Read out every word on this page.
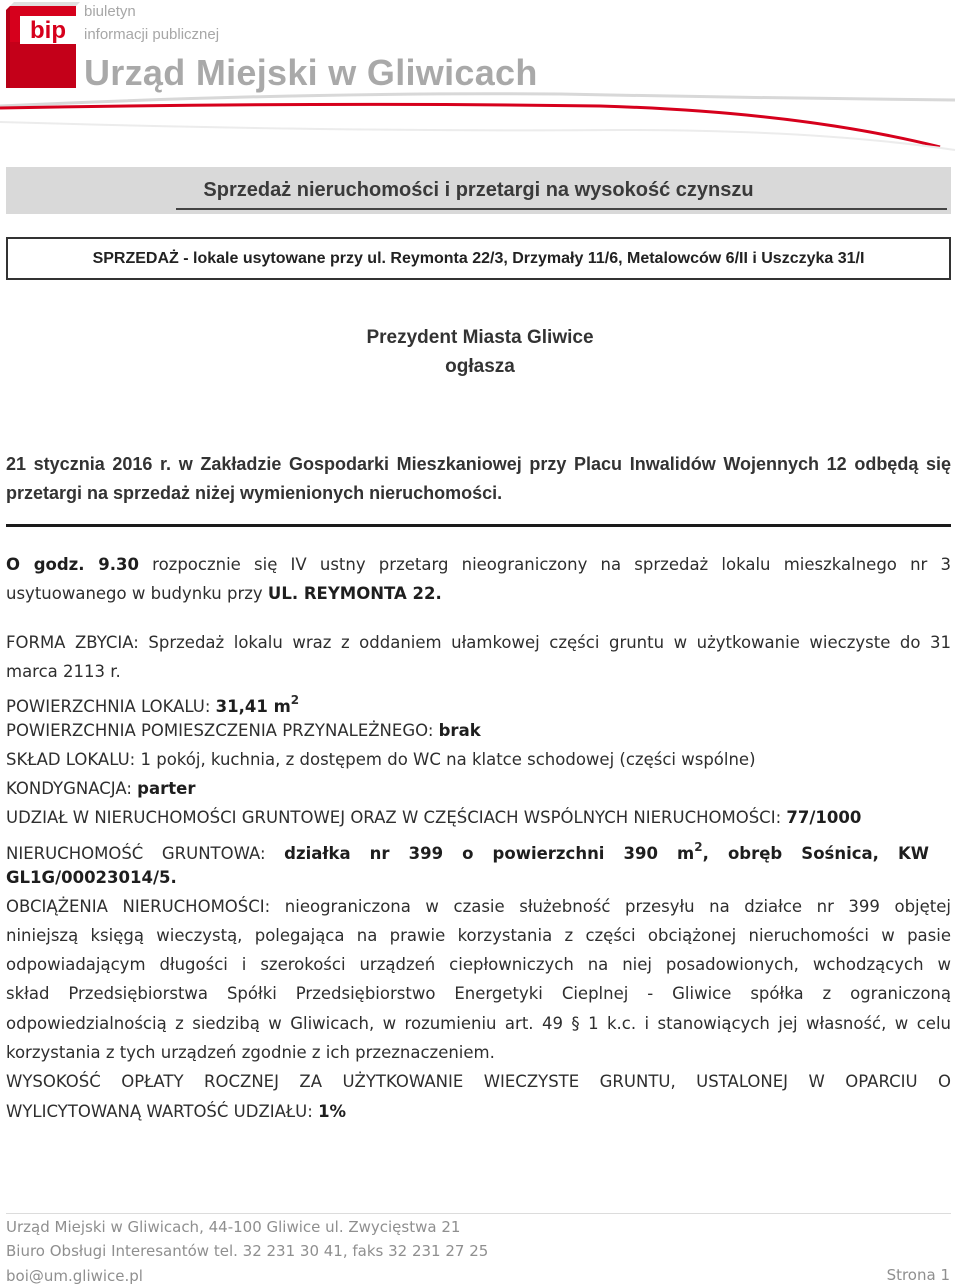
bip
biuletyn
informacji publicznej
Urząd Miejski w Gliwicach
Sprzedaż nieruchomości i przetargi na wysokość czynszu
SPRZEDAŻ - lokale usytowane przy ul. Reymonta 22/3, Drzymały 11/6, Metalowców 6/II i Uszczyka 31/I
Prezydent Miasta Gliwice
ogłasza
21 stycznia 2016 r. w Zakładzie Gospodarki Mieszkaniowej przy Placu Inwalidów Wojennych 12 odbędą się przetargi na sprzedaż niżej wymienionych nieruchomości.
O godz. 9.30 rozpocznie się IV ustny przetarg nieograniczony na sprzedaż lokalu mieszkalnego nr 3
usytuowanego w budynku przy UL. REYMONTA 22.
FORMA ZBYCIA: Sprzedaż lokalu wraz z oddaniem ułamkowej części gruntu w użytkowanie wieczyste do 31
marca 2113 r.
POWIERZCHNIA LOKALU: 31,41 $m^2$
POWIERZCHNIA POMIESZCZENIA PRZYNALEŻNEGO: brak
SKŁAD LOKALU: 1 pokój, kuchnia, z dostępem do WC na klatce schodowej (części wspólne)
KONDYGNACJA: parter
UDZIAŁ W NIERUCHOMOŚCI GRUNTOWEJ ORAZ W CZĘŚCIACH WSPÓLNYCH NIERUCHOMOŚCI: 77/1000
NIERUCHOMOŚĆ GRUNTOWA: działka nr 399 o powierzchni 390 $m^2$, obręb Sośnica, KW
GL1G/00023014/5.
OBCIĄŻENIA NIERUCHOMOŚCI: nieograniczona w czasie służebność przesyłu na działce nr 399 objętej
niniejszą księgą wieczystą, polegająca na prawie korzystania z części obciążonej nieruchomości w pasie
odpowiadającym długości i szerokości urządzeń ciepłowniczych na niej posadowionych, wchodzących w
skład Przedsiębiorstwa Spółki Przedsiębiorstwo Energetyki Cieplnej - Gliwice spółka z ograniczoną
odpowiedzialnością z siedzibą w Gliwicach, w rozumieniu art. 49 § 1 k.c. i stanowiących jej własność, w celu
korzystania z tych urządzeń zgodnie z ich przeznaczeniem.
WYSOKOŚĆ OPŁATY ROCZNEJ ZA UŻYTKOWANIE WIECZYSTE GRUNTU, USTALONEJ W OPARCIU O
WYLICYTOWANĄ WARTOŚĆ UDZIAŁU: 1%
Urząd Miejski w Gliwicach, 44-100 Gliwice ul. Zwycięstwa 21
Biuro Obsługi Interesantów tel. 32 231 30 41, faks 32 231 27 25
boi@um.gliwice.pl	Strona 1
